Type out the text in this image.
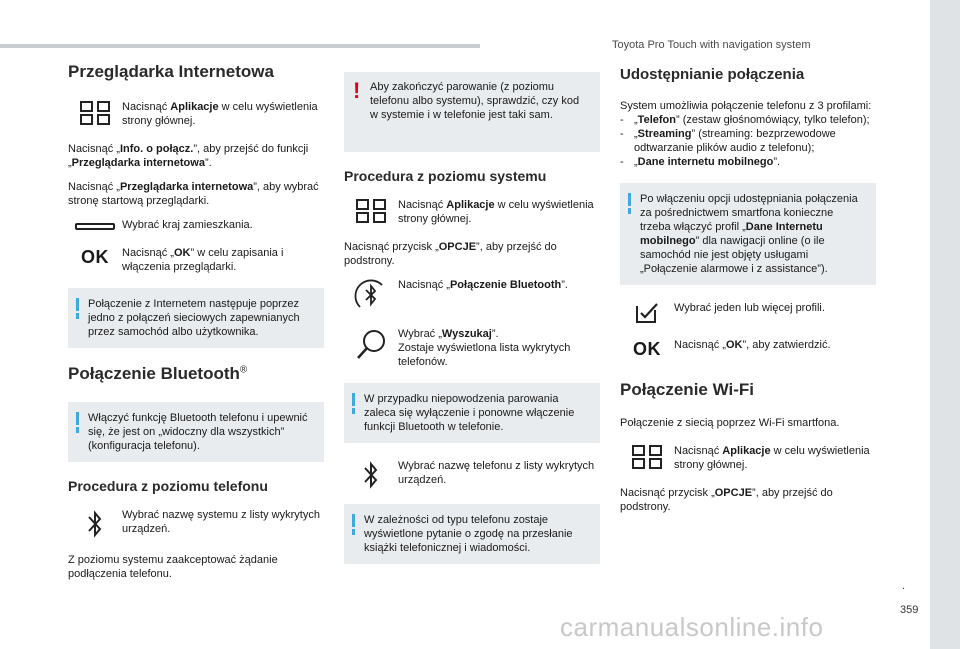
Toyota Pro Touch with navigation system
.
359
carmanualsonline.info
Przeglądarka Internetowa
Nacisnąć Aplikacje w celu wyświetlenia strony głównej.

Nacisnąć „Info. o połącz.”, aby przejść do funkcji „Przeglądarka internetowa”.

Nacisnąć „Przeglądarka internetowa”, aby wybrać stronę startową przeglądarki.

Wybrać kraj zamieszkania.
OK Nacisnąć „OK” w celu zapisania i włączenia przeglądarki.
Połączenie z Internetem następuje poprzez jedno z połączeń sieciowych zapewnianych przez samochód albo użytkownika.
Połączenie Bluetooth®
Włączyć funkcję Bluetooth telefonu i upewnić się, że jest on „widoczny dla wszystkich” (konfiguracja telefonu).
Procedura z poziomu telefonu
Wybrać nazwę systemu z listy wykrytych urządzeń.

Z poziomu systemu zaakceptować żądanie podłączenia telefonu.

! Aby zakończyć parowanie (z poziomu telefonu albo systemu), sprawdzić, czy kod w systemie i w telefonie jest taki sam.
Procedura z poziomu systemu
Nacisnąć Aplikacje w celu wyświetlenia strony głównej.

Nacisnąć przycisk „OPCJE”, aby przejść do podstrony.

Nacisnąć „Połączenie Bluetooth”.
Wybrać „Wyszukaj”.
Zostaje wyświetlona lista wykrytych telefonów.
W przypadku niepowodzenia parowania zaleca się wyłączenie i ponowne włączenie funkcji Bluetooth w telefonie.
Wybrać nazwę telefonu z listy wykrytych urządzeń.
W zależności od typu telefonu zostaje wyświetlone pytanie o zgodę na przesłanie książki telefonicznej i wiadomości.
Udostępnianie połączenia

System umożliwia połączenie telefonu z 3 profilami:

- „Telefon” (zestaw głośnomówiący, tylko telefon);
- „Streaming” (streaming: bezprzewodowe odtwarzanie plików audio z telefonu);
- „Dane internetu mobilnego”.
Po włączeniu opcji udostępniania połączenia za pośrednictwem smartfona konieczne trzeba włączyć profil „Dane Internetu mobilnego” dla nawigacji online (o ile samochód nie jest objęty usługami „Połączenie alarmowe i z assistance”).
Wybrać jeden lub więcej profili.
OK Nacisnąć „OK”, aby zatwierdzić.
Połączenie Wi-Fi

Połączenie z siecią poprzez Wi-Fi smartfona.

Nacisnąć Aplikacje w celu wyświetlenia strony głównej.

Nacisnąć przycisk „OPCJE”, aby przejść do podstrony.
